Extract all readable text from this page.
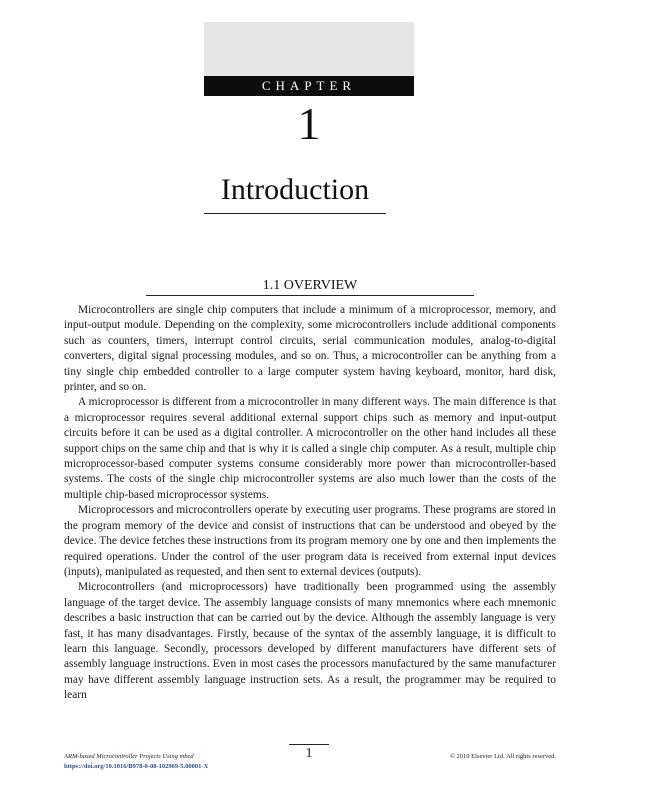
CHAPTER
1
Introduction
1.1 OVERVIEW

Microcontrollers are single chip computers that include a minimum of a microprocessor, memory, and input-output module. Depending on the complexity, some microcontrollers include additional components such as counters, timers, interrupt control circuits, serial communication modules, analog-to-digital converters, digital signal processing modules, and so on. Thus, a microcontroller can be anything from a tiny single chip embedded controller to a large computer system having keyboard, monitor, hard disk, printer, and so on.

A microprocessor is different from a microcontroller in many different ways. The main difference is that a microprocessor requires several additional external support chips such as memory and input-output circuits before it can be used as a digital controller. A microcontroller on the other hand includes all these support chips on the same chip and that is why it is called a single chip computer. As a result, multiple chip microprocessor-based computer systems consume considerably more power than microcontroller-based systems. The costs of the single chip microcontroller systems are also much lower than the costs of the multiple chip-based microprocessor systems.

Microprocessors and microcontrollers operate by executing user programs. These programs are stored in the program memory of the device and consist of instructions that can be understood and obeyed by the device. The device fetches these instructions from its program memory one by one and then implements the required operations. Under the control of the user program data is received from external input devices (inputs), manipulated as requested, and then sent to external devices (outputs).

Microcontrollers (and microprocessors) have traditionally been programmed using the assembly language of the target device. The assembly language consists of many mnemonics where each mnemonic describes a basic instruction that can be carried out by the device. Although the assembly language is very fast, it has many disadvantages. Firstly, because of the syntax of the assembly language, it is difficult to learn this language. Secondly, processors developed by different manufacturers have different sets of assembly language instructions. Even in most cases the processors manufactured by the same manufacturer may have different assembly language instruction sets. As a result, the programmer may be required to learn

1
ARM-based Microcontroller Projects Using mbed
https://doi.org/10.1016/B978-0-08-102969-5.00001-X
© 2019 Elsevier Ltd. All rights reserved.
